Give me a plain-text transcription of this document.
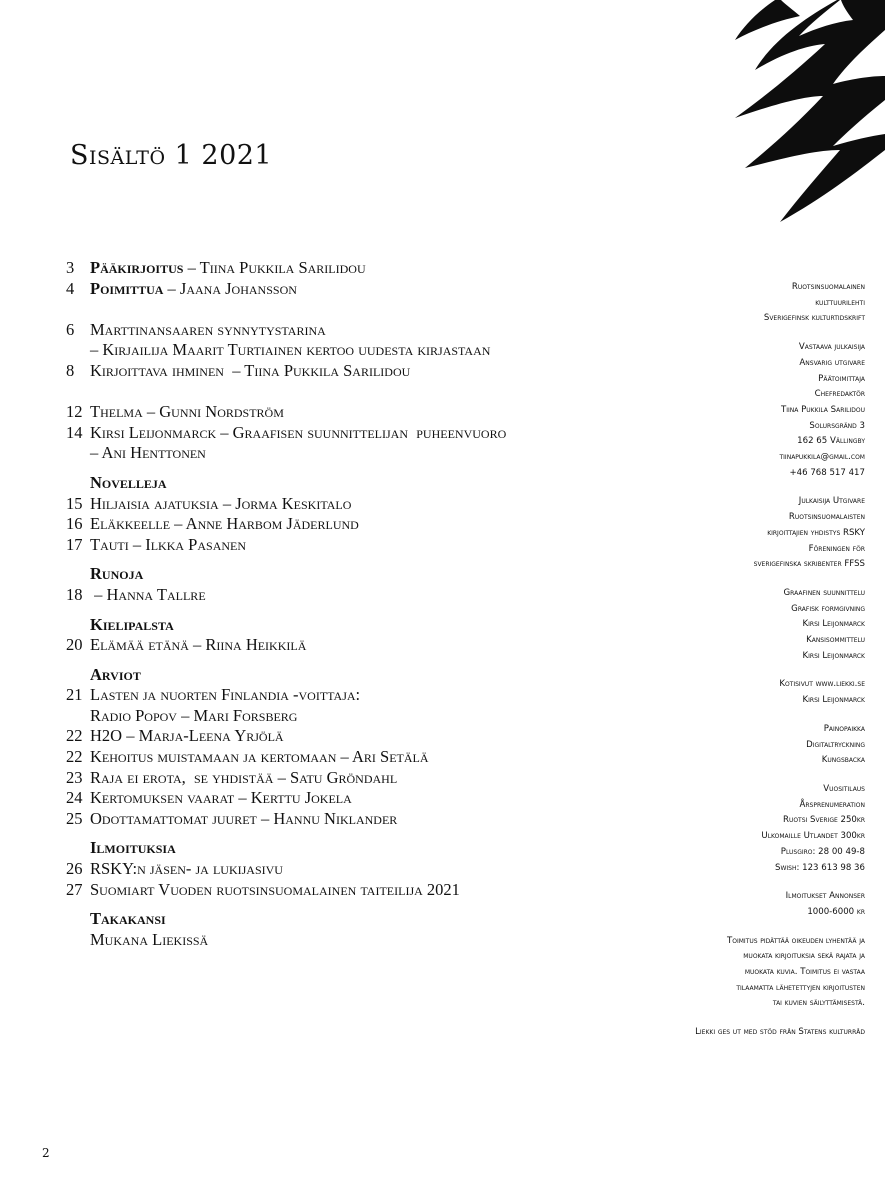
Sisältö 1 2021
3 Pääkirjoitus – Tiina Pukkila Sarilidou
4 Poimittua – Jaana Johansson
6 Marttinansaaren synnytystarina
– Kirjailija Maarit Turtiainen kertoo uudesta kirjastaan
8 Kirjoittava ihminen  – Tiina Pukkila Sarilidou
12 Thelma – Gunni Nordström
14 Kirsi Leijonmarck – Graafisen suunnittelijan  puheenvuoro
– Ani Henttonen
Novelleja
15 Hiljaisia ajatuksia – Jorma Keskitalo
16 Eläkkeelle – Anne Harbom Jäderlund
17 Tauti – Ilkka Pasanen
Runoja
18 – Hanna Tallre
Kielipalsta
20 Elämää etänä – Riina Heikkilä
Arviot
21 Lasten ja nuorten Finlandia -voittaja:
Radio Popov – Mari Forsberg
22 H2O – Marja-Leena Yrjölä
22 Kehoitus muistamaan ja kertomaan – Ari Setälä
23 Raja ei erota,  se yhdistää – Satu Gröndahl
24 Kertomuksen vaarat – Kerttu Jokela
25 Odottamattomat juuret – Hannu Niklander
Ilmoituksia
26 RSKY:n jäsen- ja lukijasivu
27 Suomiart Vuoden ruotsinsuomalainen taiteilija 2021
Takakansi
Mukana Liekissä
Ruotsinsuomalainen
kulttuurilehti
Sverigefinsk kulturtidskrift
Vastaava julkaisija
Ansvarig utgivare
Päätoimittaja
Chefredaktör
Tiina Pukkila Sarilidou
Solursgränd 3
162 65 Vällingby
tiinapukkila@gmail.com
+46 768 517 417
Julkaisija Utgivare
Ruotsinsuomalaisten
kirjoittajien yhdistys RSKY
Föreningen för
sverigefinska skribenter FFSS
Graafinen suunnittelu
Grafisk formgivning
Kirsi Leijonmarck
Kansisommittelu
Kirsi Leijonmarck
Kotisivut www.liekki.se
Kirsi Leijonmarck
Painopaikka
Digitaltryckning
Kungsbacka
Vuositilaus
Årsprenumeration
Ruotsi Sverige 250kr
Ulkomaille Utlandet 300kr
Plusgiro: 28 00 49-8
Swish: 123 613 98 36
Ilmoitukset Annonser
1000-6000 kr
Toimitus pidättää oikeuden lyhentää ja
muokata kirjoituksia sekä rajata ja
muokata kuvia. Toimitus ei vastaa
tilaamatta lähetettyjen kirjoitusten
tai kuvien säilyttämisestä.
Liekki ges ut med stöd från Statens kulturråd
2
